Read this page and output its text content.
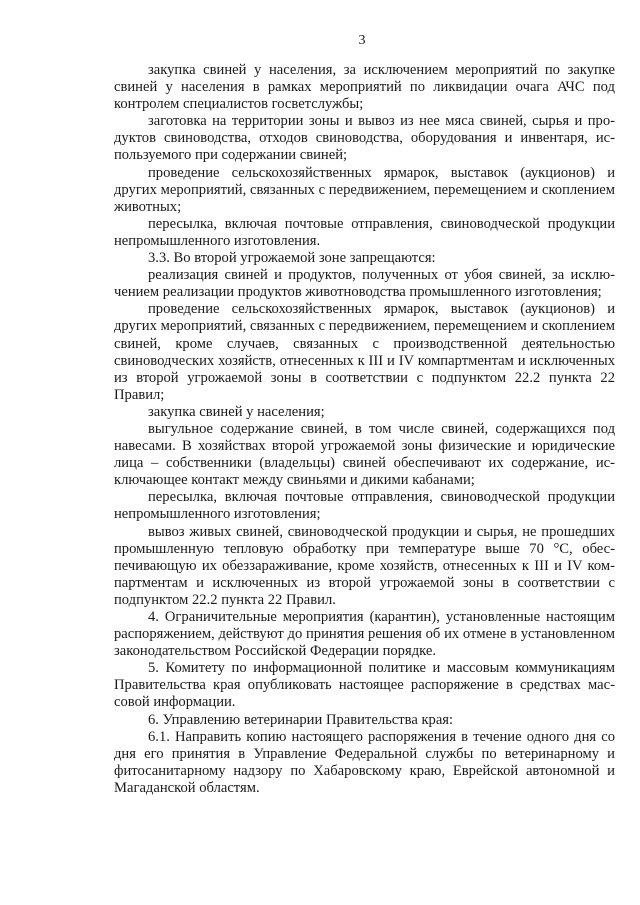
3

закупка свиней у населения, за исключением мероприятий по закупке свиней у населения в рамках мероприятий по ликвидации очага АЧС под контролем специалистов госветслужбы;

заготовка на территории зоны и вывоз из нее мяса свиней, сырья и продуктов свиноводства, отходов свиноводства, оборудования и инвентаря, используемого при содержании свиней;

проведение сельскохозяйственных ярмарок, выставок (аукционов) и других мероприятий, связанных с передвижением, перемещением и скоплением животных;

пересылка, включая почтовые отправления, свиноводческой продукции непромышленного изготовления.

3.3. Во второй угрожаемой зоне запрещаются:

реализация свиней и продуктов, полученных от убоя свиней, за исключением реализации продуктов животноводства промышленного изготовления;

проведение сельскохозяйственных ярмарок, выставок (аукционов) и других мероприятий, связанных с передвижением, перемещением и скоплением свиней, кроме случаев, связанных с производственной деятельностью свиноводческих хозяйств, отнесенных к III и IV компартментам и исключенных из второй угрожаемой зоны в соответствии с подпунктом 22.2 пункта 22 Правил;

закупка свиней у населения;

выгульное содержание свиней, в том числе свиней, содержащихся под навесами. В хозяйствах второй угрожаемой зоны физические и юридические лица – собственники (владельцы) свиней обеспечивают их содержание, исключающее контакт между свиньями и дикими кабанами;

пересылка, включая почтовые отправления, свиноводческой продукции непромышленного изготовления;

вывоз живых свиней, свиноводческой продукции и сырья, не прошедших промышленную тепловую обработку при температуре выше 70 °С, обеспечивающую их обеззараживание, кроме хозяйств, отнесенных к III и IV компартментам и исключенных из второй угрожаемой зоны в соответствии с подпунктом 22.2 пункта 22 Правил.

4. Ограничительные мероприятия (карантин), установленные настоящим распоряжением, действуют до принятия решения об их отмене в установленном законодательством Российской Федерации порядке.

5. Комитету по информационной политике и массовым коммуникациям Правительства края опубликовать настоящее распоряжение в средствах массовой информации.

6. Управлению ветеринарии Правительства края:

6.1. Направить копию настоящего распоряжения в течение одного дня со дня его принятия в Управление Федеральной службы по ветеринарному и фитосанитарному надзору по Хабаровскому краю, Еврейской автономной и Магаданской областям.
